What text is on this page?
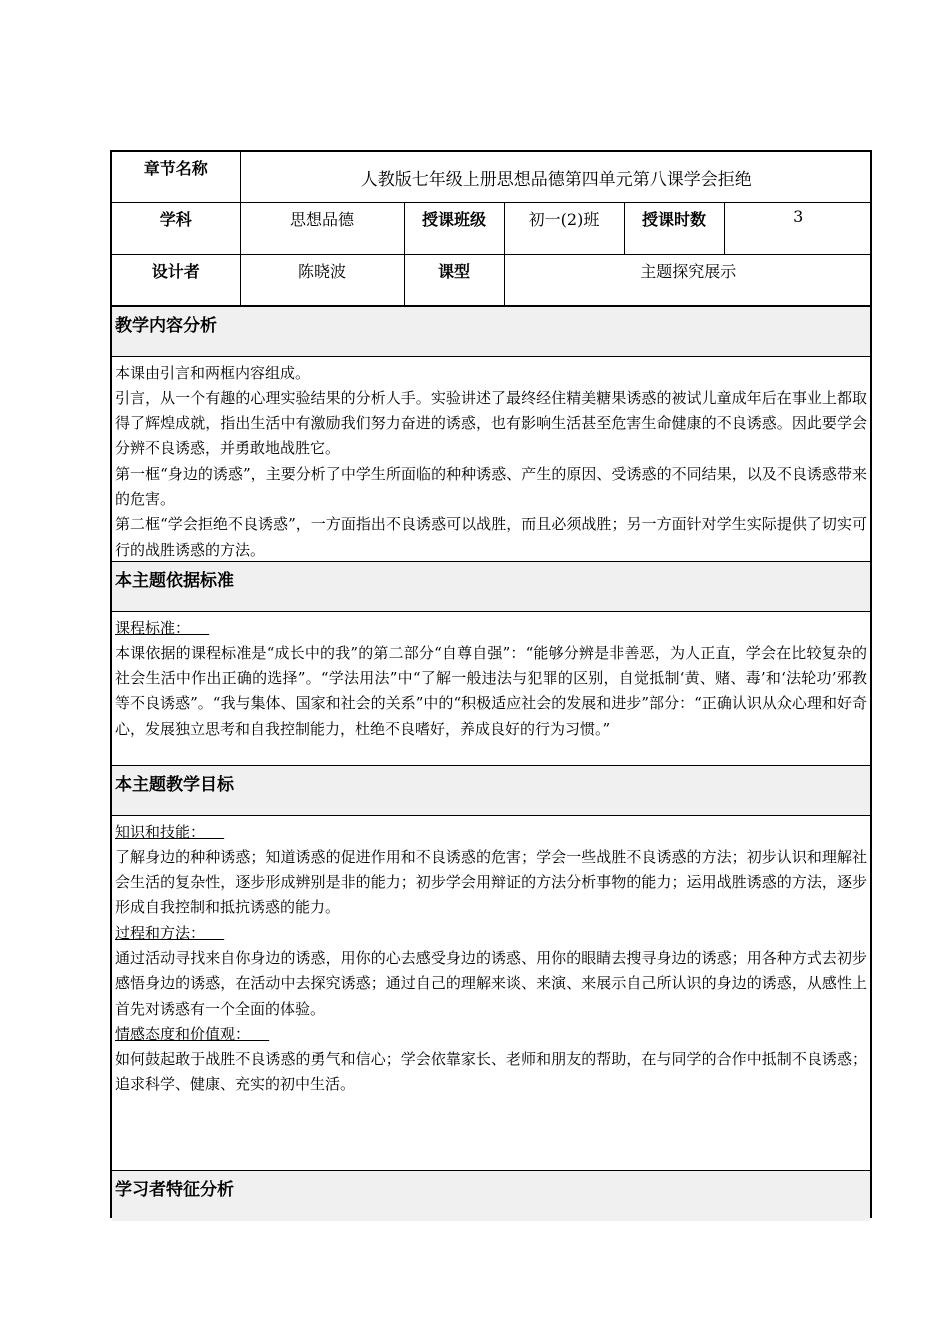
章节名称	人教版七年级上册思想品德第四单元第八课学会拒绝				
学科	思想品德	授课班级	初一(2)班	授课时数	3
设计者	陈晓波	课型	主题探究展示		
教学内容分析

本课由引言和两框内容组成。

引言，从一个有趣的心理实验结果的分析人手。实验讲述了最终经住精美糖果诱惑的被试儿童成年后在事业上都取得了辉煌成就，指出生活中有激励我们努力奋进的诱惑，也有影响生活甚至危害生命健康的不良诱惑。因此要学会分辨不良诱惑，并勇敢地战胜它。

第一框“身边的诱惑”，主要分析了中学生所面临的种种诱惑、产生的原因、受诱惑的不同结果，以及不良诱惑带来的危害。

第二框“学会拒绝不良诱惑”，一方面指出不良诱惑可以战胜，而且必须战胜；另一方面针对学生实际提供了切实可行的战胜诱惑的方法。

本主题依据标准

课程标准：

本课依据的课程标准是“成长中的我”的第二部分“自尊自强”：“能够分辨是非善恶，为人正直，学会在比较复杂的社会生活中作出正确的选择”。“学法用法”中“了解一般违法与犯罪的区别，自觉抵制‘黄、赌、毒’和‘法轮功’邪教等不良诱惑”。“我与集体、国家和社会的关系”中的“积极适应社会的发展和进步”部分：“正确认识从众心理和好奇心，发展独立思考和自我控制能力，杜绝不良嗜好，养成良好的行为习惯。”

本主题教学目标

知识和技能：

了解身边的种种诱惑；知道诱惑的促进作用和不良诱惑的危害；学会一些战胜不良诱惑的方法；初步认识和理解社会生活的复杂性，逐步形成辨别是非的能力；初步学会用辩证的方法分析事物的能力；运用战胜诱惑的方法，逐步形成自我控制和抵抗诱惑的能力。

过程和方法：

通过活动寻找来自你身边的诱惑，用你的心去感受身边的诱惑、用你的眼睛去搜寻身边的诱惑；用各种方式去初步感悟身边的诱惑，在活动中去探究诱惑；通过自己的理解来谈、来演、来展示自己所认识的身边的诱惑，从感性上首先对诱惑有一个全面的体验。

情感态度和价值观：

如何鼓起敢于战胜不良诱惑的勇气和信心；学会依靠家长、老师和朋友的帮助，在与同学的合作中抵制不良诱惑；追求科学、健康、充实的初中生活。

学习者特征分析
